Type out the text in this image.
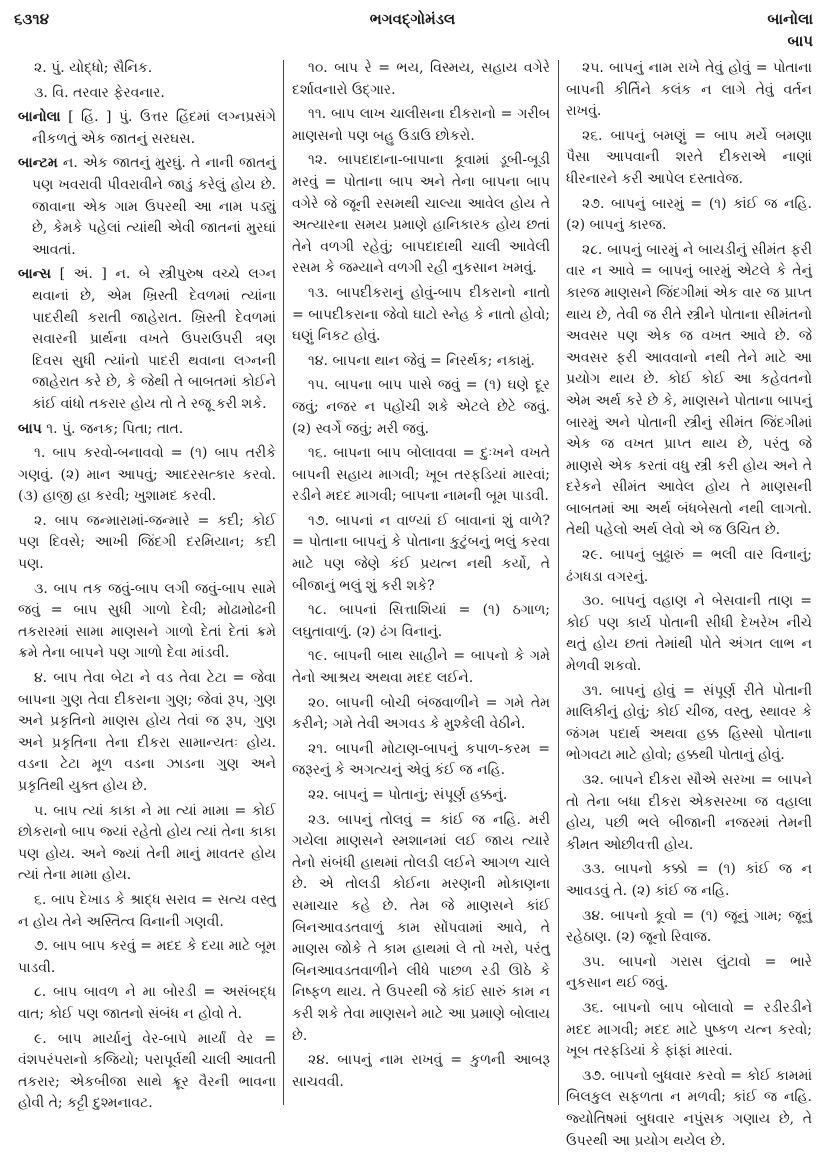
૬૩૧૪	ભગવદ્ગોમંડલ	બાનોલા
બાપ

૨. પું. યોદ્ધો; સૈનિક.

૩. વિ. તરવાર ફેરવનાર.

બાનોલા [ હિં. ] પું. ઉત્તર હિંદમાં લગ્નપ્રસંગે નીકળતું એક જાતનું સરઘસ.

બાન્ટમ ન. એક જાતનું મુરઘું. તે નાની જાતનું પણ ખવરાવી પીવરાવીને જાડું કરેલું હોય છે. જાવાના એક ગામ ઉપરથી આ નામ પડ્યું છે, કેમકે પહેલાં ત્યાંથી એવી જાતનાં મુરઘાં આવતાં.

બાન્સ [ અં. ] ન. બે સ્ત્રીપુરુષ વચ્ચે લગ્ન થવાનાં છે, એમ ખ્રિસ્તી દેવળમાં ત્યાંના પાદરીથી કરાતી જાહેરાત. ખ્રિસ્તી દેવળમાં સવારની પ્રાર્થના વખતે ઉપરાઉપરી ત્રણ દિવસ સુધી ત્યાંનો પાદરી થવાના લગ્નની જાહેરાત કરે છે, કે જેથી તે બાબતમાં કોઈને કાંઈ વાંધો તકરાર હોય તો તે રજૂ કરી શકે.

બાપ ૧. પું. જનક; પિતા; તાત.

૧. બાપ કરવો-બનાવવો = (૧) બાપ તરીકે ગણવું. (૨) માન આપવું; આદરસત્કાર કરવો. (૩) હાજી હા કરવી; ખુશામદ કરવી.

૨. બાપ જન્મારામાં-જન્મારે = કદી; કોઈ પણ દિવસે; આખી જિંદગી દરમિયાન; કદી પણ.

૩. બાપ તક જવું-બાપ લગી જવું-બાપ સામે જવું = બાપ સુધી ગાળો દેવી; મોઢામોઢની તકરારમાં સામા માણસને ગાળો દેતાં દેતાં ક્રમે ક્રમે તેના બાપને પણ ગાળો દેવા માંડવી.

૪. બાપ તેવા બેટા ને વડ તેવા ટેટા = જેવા બાપના ગુણ તેવા દીકરાના ગુણ; જેવાં રૂપ, ગુણ અને પ્રકૃતિનો માણસ હોય તેવાં જ રૂપ, ગુણ અને પ્રકૃતિના તેના દીકરા સામાન્યતઃ હોય. વડના ટેટા મૂળ વડના ઝાડના ગુણ અને પ્રકૃતિથી યુક્ત હોય છે.

૫. બાપ ત્યાં કાકા ને મા ત્યાં મામા = કોઈ છોકરાનો બાપ જ્યાં રહેતો હોય ત્યાં તેના કાકા પણ હોય. અને જ્યાં તેની માનું માવતર હોય ત્યાં તેના મામા હોય.

૬. બાપ દેખાડ કે શ્રાદ્ધ સરાવ = સત્ય વસ્તુ ન હોય તેને અસ્તિત્વ વિનાની ગણવી.

૭. બાપ બાપ કરવું = મદદ કે દયા માટે બૂમ પાડવી.

૮. બાપ બાવળ ને મા બોરડી = અસંબદ્ધ વાત; કોઈ પણ જાતનો સંબંધ ન હોવો તે.

૯. બાપ માર્યાનું વેર-બાપે માર્યાં વેર = વંશપરંપરાનો કજિયો; પરાપૂર્વથી ચાલી આવતી તકરાર; એકબીજા સાથે ક્રૂર વૈરની ભાવના હોવી તે; કટ્ટી દુશ્મનાવટ.

૧૦. બાપ રે = ભય, વિસ્મય, સહાય વગેરે દર્શાવનારો ઉદ્ગાર.

૧૧. બાપ લાખ ચાલીસના દીકરાનો = ગરીબ માણસનો પણ બહુ ઉડાઉ છોકરો.

૧૨. બાપદાદાના-બાપાના કૂવામાં ડૂબી-બૂડી મરવું = પોતાના બાપ અને તેના બાપના બાપ વગેરે જે જૂની રસમથી ચાલ્યા આવેલ હોય તે અત્યારના સમય પ્રમાણે હાનિકારક હોય છતાં તેને વળગી રહેવું; બાપદાદાથી ચાલી આવેલી રસમ કે જમ્યાને વળગી રહી નુકસાન ખમવું.

૧૩. બાપદીકરાનું હોવું-બાપ દીકરાનો નાતો = બાપદીકરાના જેવો ઘાટો સ્નેહ કે નાતો હોવો; ઘણું નિકટ હોવું.

૧૪. બાપના થાન જેવું = નિરર્થક; નકામું.

૧૫. બાપના બાપ પાસે જવું = (૧) ઘણે દૂર જવું; નજર ન પહોંચી શકે એટલે છેટે જવું. (૨) સ્વર્ગે જવું; મરી જવું.

૧૬. બાપના બાપ બોલાવવા = દુઃખને વખતે બાપની સહાય માગવી; ખૂબ તરફડિયાં મારવાં; રડીને મદદ માગવી; બાપના નામની બૂમ પાડવી.

૧૭. બાપનાં ન વાળ્યાં ઈ બાવાનાં શું વાળે? = પોતાના બાપનું કે પોતાના કુટુંબનું ભલું કરવા માટે પણ જેણે કંઈ પ્રયત્ન નથી કર્યો, તે બીજાનું ભલું શું કરી શકે?

૧૮. બાપનાં સિત્તાશિયાં = (૧) ઠગાળ; લઘુતાવાળું. (૨) ઢંગ વિનાનું.

૧૯. બાપની બાથ સાહીને = બાપનો કે ગમે તેનો આશ્રય અથવા મદદ લઈને.

૨૦. બાપની બોચી બંજવાળીને = ગમે તેમ કરીને; ગમે તેવી અગવડ કે મુશ્કેલી વેઠીને.

૨૧. બાપની મોટાણ-બાપનું કપાળ-કરમ = જરૂરનું કે અગત્યનું એવું કંઈ જ નહિ.

૨૨. બાપનું = પોતાનું; સંપૂર્ણ હક્કનું.

૨૩. બાપનું તોલવું = કાંઈ જ નહિ. મરી ગયેલા માણસને સ્મશાનમાં લઈ જાય ત્યારે તેનો સંબંધી હાથમાં તોલડી લઈને આગળ ચાલે છે. એ તોલડી કોઈના મરણની મોકાણના સમાચાર કહે છે. તેમ જે માણસને કાંઈ બિનઆવડતવાળું કામ સોંપવામાં આવે, તે માણસ જોકે તે કામ હાથમાં લે તો ખરો, પરંતુ બિનઆવડતવાળીને લીધે પાછળ રડી ઊઠે કે નિષ્ફળ થાય. તે ઉપરથી જે કાંઈ સારું કામ ન કરી શકે તેવા માણસને માટે આ પ્રમાણે બોલાય છે.

૨૪. બાપનું નામ રાખવું = કુળની આબરૂ સાચવવી.

૨૫. બાપનું નામ રાખે તેવું હોવું = પોતાના બાપની કીર્તિને કલંક ન લાગે તેવું વર્તન રાખવું.

૨૬. બાપનું બમણું = બાપ મર્યે બમણા પૈસા આપવાની શરતે દીકરાએ નાણાં ધીરનારને કરી આપેલ દસ્તાવેજ.

૨૭. બાપનું બારમું = (૧) કાંઈ જ નહિ. (૨) બાપનું કારજ.

૨૮. બાપનું બારમું ને બાયડીનું સીમંત ફરી વાર ન આવે = બાપનું બારમું એટલે કે તેનું કારજ માણસને જિંદગીમાં એક વાર જ પ્રાપ્ત થાય છે, તેવી જ રીતે સ્ત્રીને પોતાના સીમંતનો અવસર પણ એક જ વખત આવે છે. જે અવસર ફરી આવવાનો નથી તેને માટે આ પ્રયોગ થાય છે. કોઈ કોઈ આ કહેવતનો એમ અર્થ કરે છે કે, માણસને પોતાના બાપનું બારમું અને પોતાની સ્ત્રીનું સીમંત જિંદગીમાં એક જ વખત પ્રાપ્ત થાય છે, પરંતુ જે માણસે એક કરતાં વધુ સ્ત્રી કરી હોય અને તે દરેકને સીમંત આવેલ હોય તે માણસની બાબતમાં આ અર્થ બંધબેસતો નથી લાગતો. તેથી પહેલો અર્થ લેવો એ જ ઉચિત છે.

૨૯. બાપનું બુઢ્ઢારું = ભલી વાર વિનાનું; ઢંગધડા વગરનું.

૩૦. બાપનું વહાણ ને બેસવાની તાણ = કોઈ પણ કાર્ય પોતાની સીધી દેખરેખ નીચે થતું હોય છતાં તેમાંથી પોતે અંગત લાભ ન મેળવી શકવો.

૩૧. બાપનું હોવું = સંપૂર્ણ રીતે પોતાની માલિકીનું હોવું; કોઈ ચીજ, વસ્તુ, સ્થાવર કે જંગમ પદાર્થ અથવા હક્ક હિસ્સો પોતાના ભોગવટા માટે હોવો; હક્કથી પોતાનું હોવું.

૩૨. બાપને દીકરા સૌએ સરખા = બાપને તો તેના બધા દીકરા એકસરખા જ વહાલા હોય, પછી ભલે બીજાની નજરમાં તેમની કીમત ઓછીવત્તી હોય.

૩૩. બાપનો કક્કો = (૧) કાંઈ જ ન આવડવું તે. (૨) કાંઈ જ નહિ.

૩૪. બાપનો કૂવો = (૧) જૂનું ગામ; જૂનું રહેઠાણ. (૨) જૂનો રિવાજ.

૩૫. બાપનો ગરાસ લુંટાવો = ભારે નુકસાન થઈ જવું.

૩૬. બાપનો બાપ બોલાવો = રડીરડીને મદદ માગવી; મદદ માટે પુષ્કળ યત્ન કરવો; ખૂબ તરફડિયાં કે ફાંફાં મારવાં.

૩૭. બાપનો બુધવાર કરવો = કોઈ કામમાં બિલકુલ સફળતા ન મળવી; કાંઈ જ નહિ. જ્યોતિષમાં બુધવાર નપુંસક ગણાય છે, તે ઉપરથી આ પ્રયોગ થયેલ છે.
